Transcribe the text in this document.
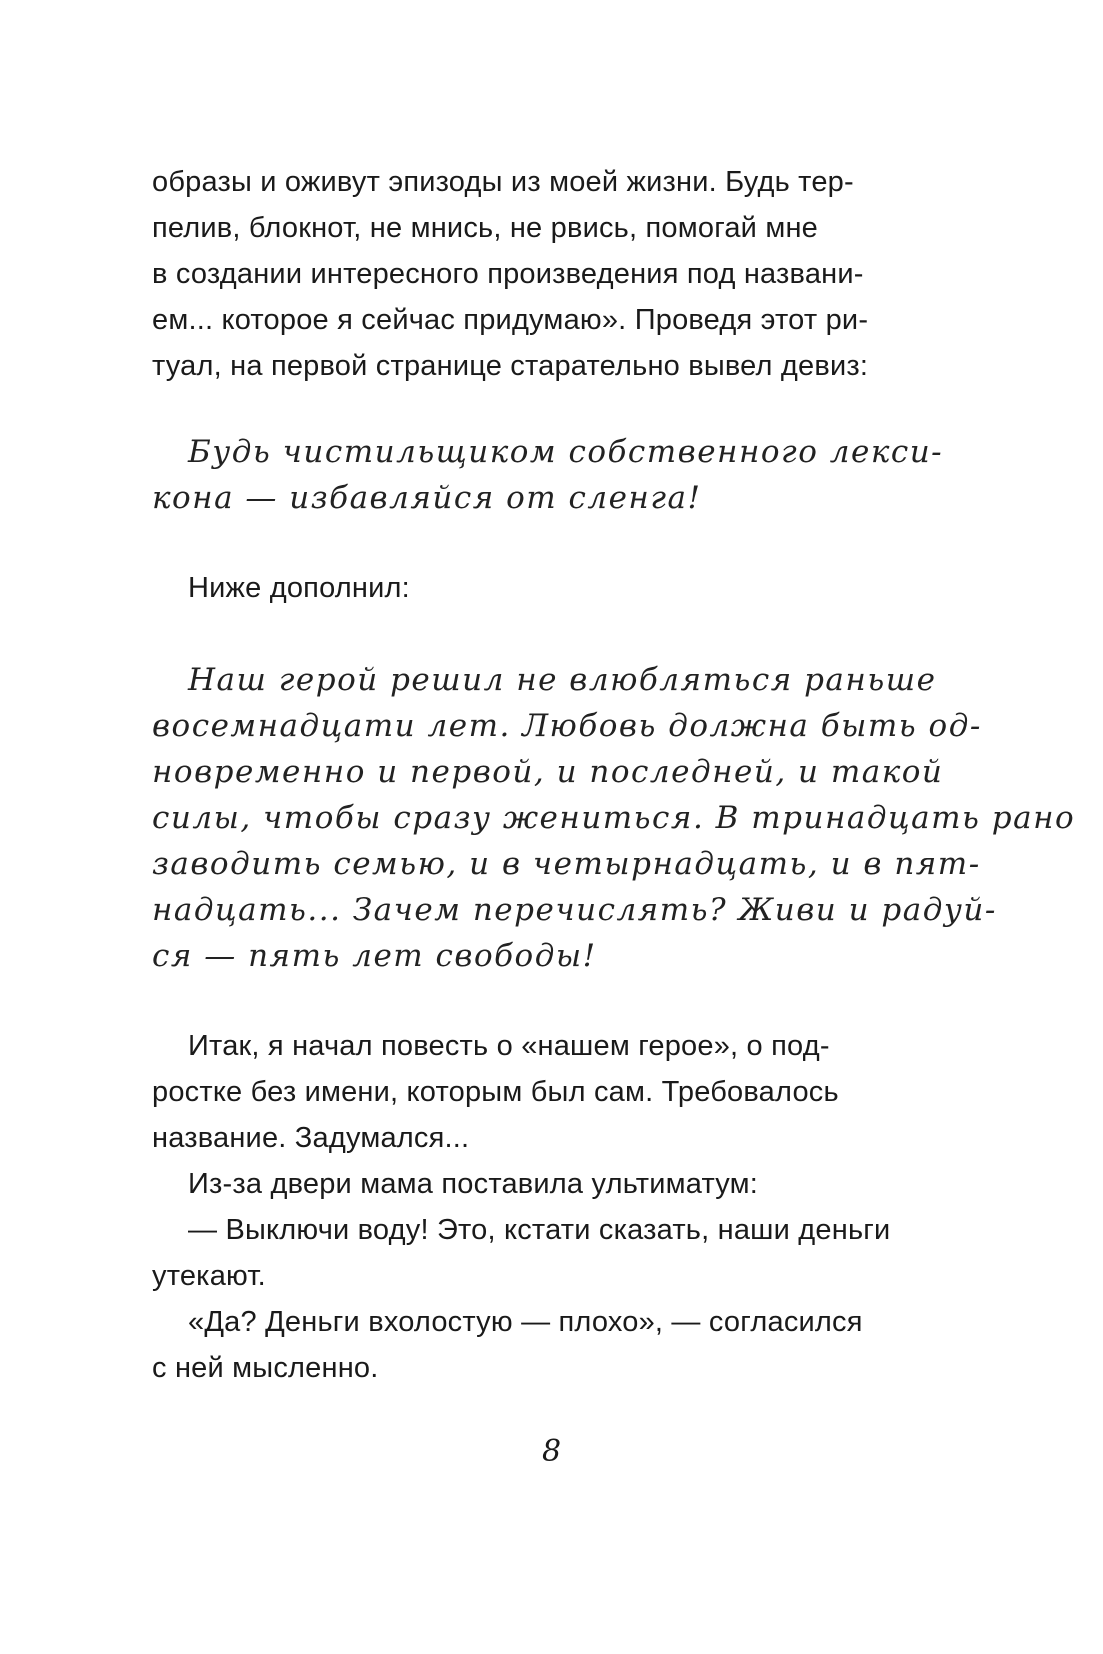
образы и оживут эпизоды из моей жизни. Будь тер-
пелив, блокнот, не мнись, не рвись, помогай мне
в создании интересного произведения под названи-
ем... которое я сейчас придумаю». Проведя этот ри-
туал, на первой странице старательно вывел девиз:
Будь чистильщиком собственного лекси-
кона — избавляйся от сленга!
Ниже дополнил:
Наш герой решил не влюбляться раньше
восемнадцати лет. Любовь должна быть од-
новременно и первой, и последней, и такой
силы, чтобы сразу жениться. В тринадцать рано
заводить семью, и в четырнадцать, и в пят-
надцать... Зачем перечислять? Живи и радуй-
ся — пять лет свободы!
Итак, я начал повесть о «нашем герое», о под-
ростке без имени, которым был сам. Требовалось
название. Задумался...
Из-за двери мама поставила ультиматум:
— Выключи воду! Это, кстати сказать, наши деньги
утекают.
«Да? Деньги вхолостую — плохо», — согласился
с ней мысленно.
8
